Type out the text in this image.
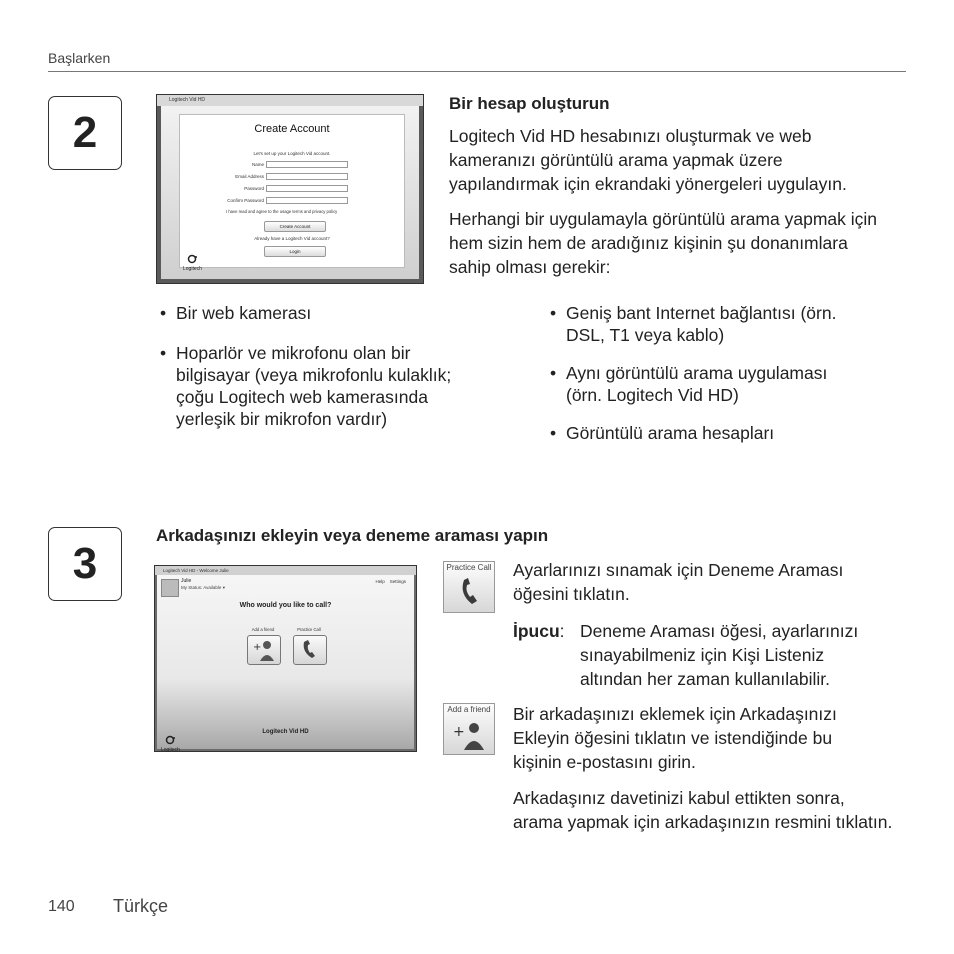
Başlarken
2
Logitech Vid HD
Create Account
Let's set up your Logitech Vid account.
Name
Email Address
Password
Confirm Password
I have read and agree to the usage terms and privacy policy
Create Account
Already have a Logitech Vid account?
Login
Logitech
Bir hesap oluşturun
Logitech Vid HD hesabınızı oluşturmak ve web kameranızı görüntülü arama yapmak üzere yapılandırmak için ekrandaki yönergeleri uygulayın.
Herhangi bir uygulamayla görüntülü arama yapmak için hem sizin hem de aradığınız kişinin şu donanımlara sahip olması gerekir:
• Bir web kamerası
• Hoparlör ve mikrofonu olan bir bilgisayar (veya mikrofonlu kulaklık; çoğu Logitech web kamerasında yerleşik bir mikrofon vardır)
• Geniş bant Internet bağlantısı (örn. DSL, T1 veya kablo)
• Aynı görüntülü arama uygulaması (örn. Logitech Vid HD)
• Görüntülü arama hesapları
3
Arkadaşınızı ekleyin veya deneme araması yapın
Logitech Vid HD - Welcome Julie
Julie
My Status: Available ▾
Help Settings
Who would you like to call?
Add a friend
+
Practice Call
Logitech Vid HD
Logitech
Practice Call Ayarlarınızı sınamak için Deneme Araması öğesini tıklatın.
İpucu: Deneme Araması öğesi, ayarlarınızı sınayabilmeniz için Kişi Listeniz altından her zaman kullanılabilir.
Add a friend
+
Bir arkadaşınızı eklemek için Arkadaşınızı Ekleyin öğesini tıklatın ve istendiğinde bu kişinin e-postasını girin.
Arkadaşınız davetinizi kabul ettikten sonra, arama yapmak için arkadaşınızın resmini tıklatın.
140 Türkçe
